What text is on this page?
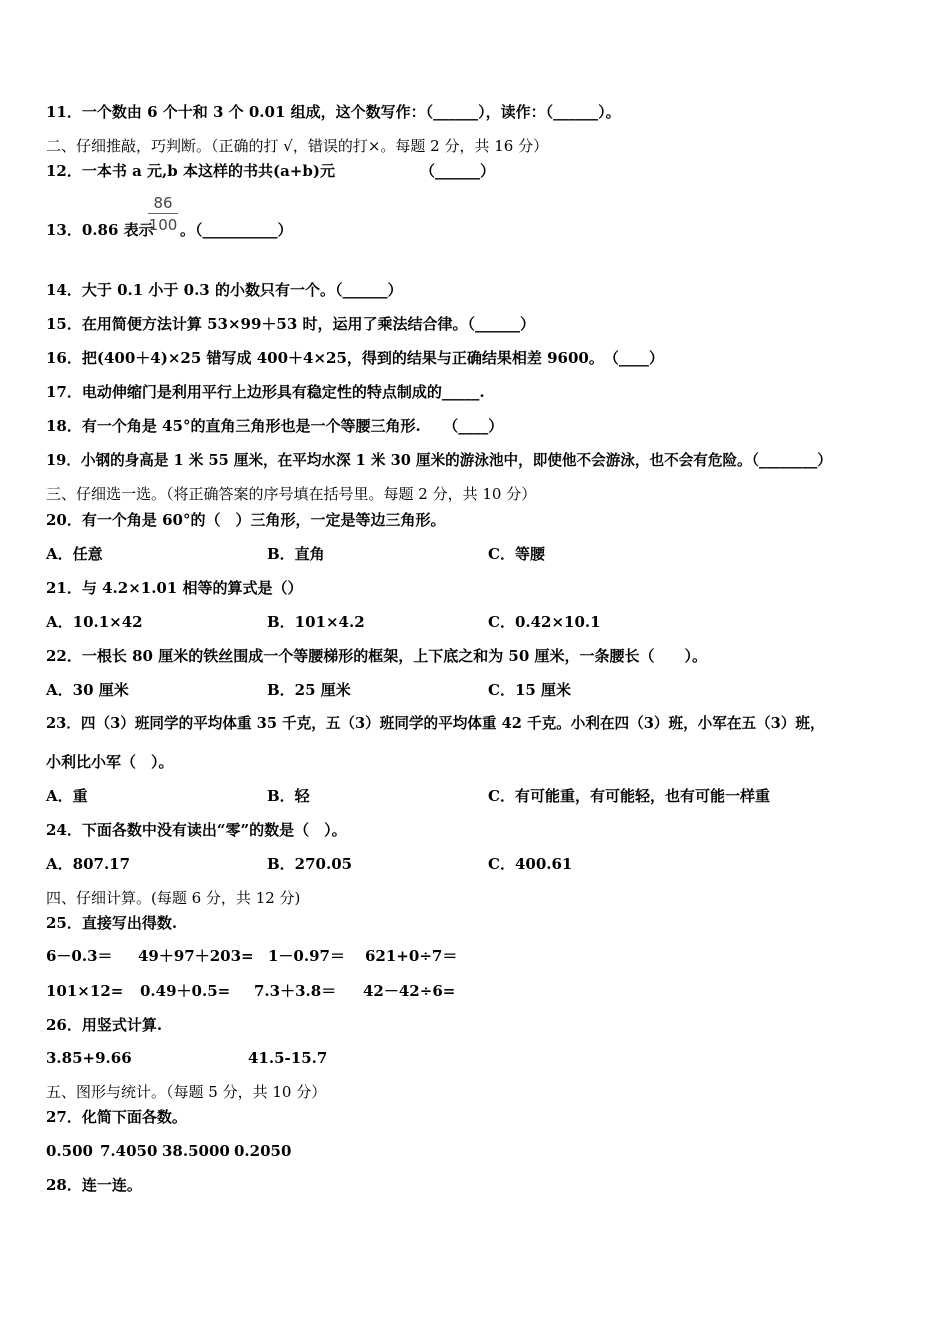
11．一个数由 6 个十和 3 个 0.01 组成，这个数写作：（______），读作：（______）。
二、仔细推敲，巧判断。（正确的打 √，错误的打×。每题 2 分，共 16 分）
12．一本书 a 元,b 本这样的书共(a+b)元	（______）
13．0.86 表示
86
100 。（__________）
14．大于 0.1 小于 0.3 的小数只有一个。（______）
15．在用简便方法计算 53×99＋53 时，运用了乘法结合律。（______）
16．把(400＋4)×25 错写成 400＋4×25，得到的结果与正确结果相差 9600。　（____）
17．电动伸缩门是利用平行上边形具有稳定性的特点制成的_____.
18．有一个角是 45°的直角三角形也是一个等腰三角形.　　（____）
19．小钢的身高是 1 米 55 厘米，在平均水深 1 米 30 厘米的游泳池中，即使他不会游泳，也不会有危险。（________）
三、仔细选一选。（将正确答案的序号填在括号里。每题 2 分，共 10 分）
20．有一个角是 60°的（　）三角形，一定是等边三角形。
A．任意	B．直角	C．等腰
21．与 4.2×1.01 相等的算式是（）
A．10.1×42	B．101×4.2	C．0.42×10.1
22．一根长 80 厘米的铁丝围成一个等腰梯形的框架，上下底之和为 50 厘米，一条腰长（　　）。
A．30 厘米	B．25 厘米	C．15 厘米
23．四（3）班同学的平均体重 35 千克，五（3）班同学的平均体重 42 千克。小利在四（3）班，小军在五（3）班，
小利比小军（　）。
A．重	B．轻	C．有可能重，有可能轻，也有可能一样重
24．下面各数中没有读出“零”的数是（　）。
A．807.17	B．270.05	C．400.61
四、仔细计算。(每题 6 分，共 12 分)
25．直接写出得数.
6－0.3＝ 49＋97＋203= 1－0.97＝ 621+0÷7＝
101×12= 0.49＋0.5= 7.3＋3.8＝ 42－42÷6=
26．用竖式计算.
3.85+9.66	41.5-15.7
五、图形与统计。（每题 5 分，共 10 分）
27．化简下面各数。
0.500 7.4050 38.5000 0.2050
28．连一连。
